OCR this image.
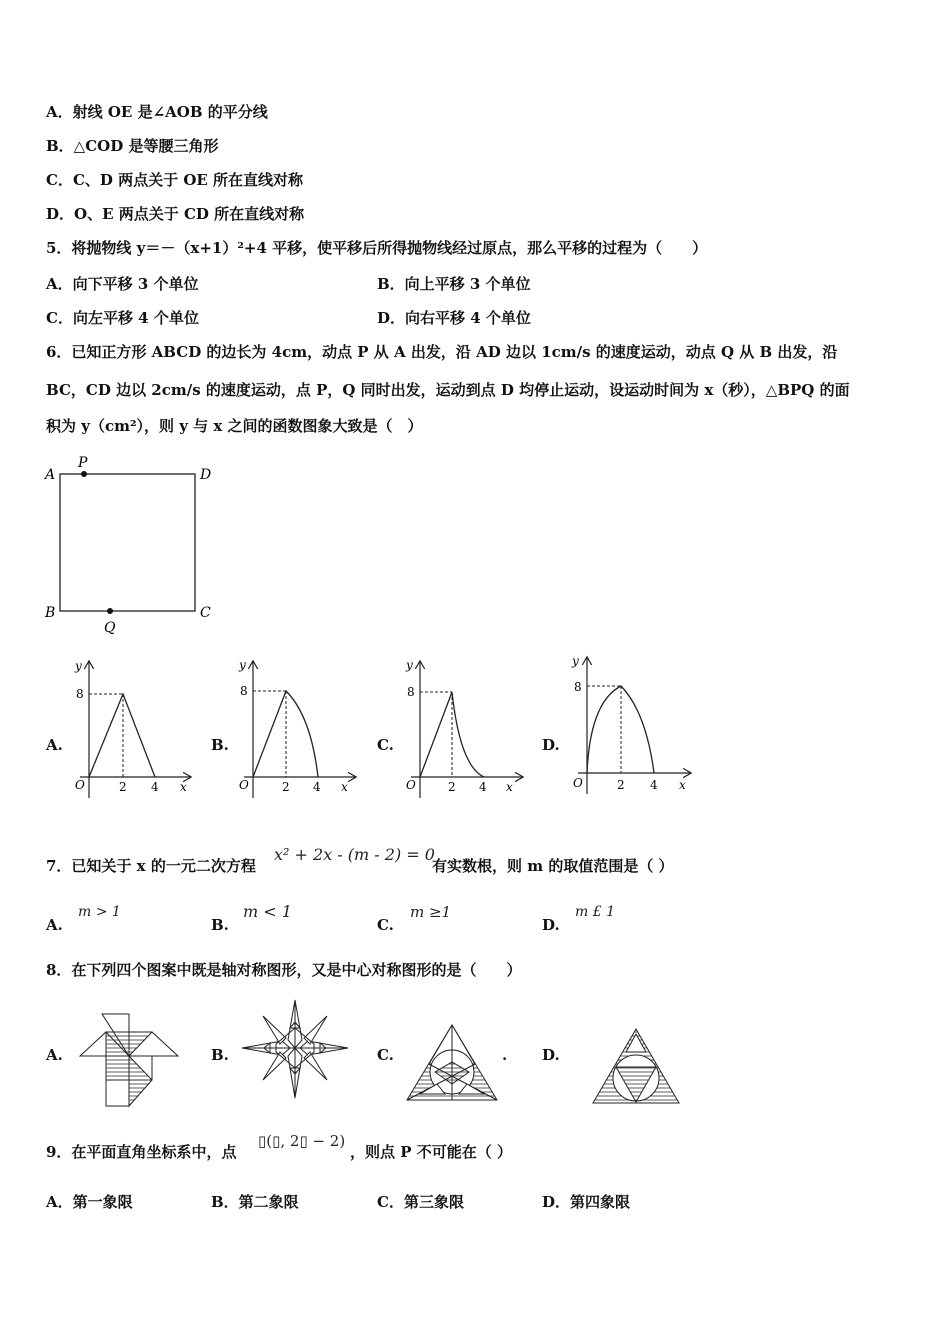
A．射线 OE 是∠AOB 的平分线
B．△COD 是等腰三角形
C．C、D 两点关于 OE 所在直线对称
D．O、E 两点关于 CD 所在直线对称
5．将抛物线 y＝－（x+1）²+4 平移，使平移后所得抛物线经过原点，那么平移的过程为（　　）
A．向下平移 3 个单位	B．向上平移 3 个单位
C．向左平移 4 个单位	D．向右平移 4 个单位
6．已知正方形 ABCD 的边长为 4cm，动点 P 从 A 出发，沿 AD 边以 1cm/s 的速度运动，动点 Q 从 B 出发，沿
BC，CD 边以 2cm/s 的速度运动，点 P，Q 同时出发，运动到点 D 均停止运动，设运动时间为 x（秒），△BPQ 的面
积为 y（cm²），则 y 与 x 之间的函数图象大致是（　）
A
P
D
B
Q
C
A.	B.	C.	D.
y
8
O	2 4 x
y
8
O	2 4 x
y
8
O	2 4 x
y
8
O	2 4 x
7．已知关于 x 的一元二次方程
x² + 2x - (m - 2) = 0
有实数根，则 m 的取值范围是（ ）
A.
m > 1
B.
m < 1
C.
m ≥1
D.
m £ 1
8．在下列四个图案中既是轴对称图形，又是中心对称图形的是（　　）
A.	B.	C.	. D.
9．在平面直角坐标系中，点
▯(▯, 2▯ − 2)
，则点 P 不可能在（ ）
A．第一象限	B．第二象限	C．第三象限	D．第四象限
